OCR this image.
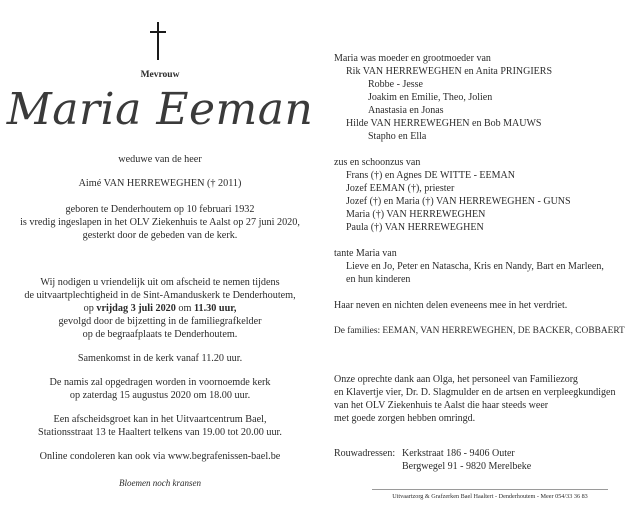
Mevrouw
Maria Eeman
weduwe van de heer
Aimé VAN HERREWEGHEN († 2011)
geboren te Denderhoutem op 10 februari 1932
is vredig ingeslapen in het OLV Ziekenhuis te Aalst op 27 juni 2020,
gesterkt door de gebeden van de kerk.
Wij nodigen u vriendelijk uit om afscheid te nemen tijdens
de uitvaartplechtigheid in de Sint-Amanduskerk te Denderhoutem,
op vrijdag 3 juli 2020 om 11.30 uur,
gevolgd door de bijzetting in de familiegrafkelder
op de begraafplaats te Denderhoutem.
Samenkomst in de kerk vanaf 11.20 uur.
De namis zal opgedragen worden in voornoemde kerk
op zaterdag 15 augustus 2020 om 18.00 uur.
Een afscheidsgroet kan in het Uitvaartcentrum Bael,
Stationsstraat 13 te Haaltert telkens van 19.00 tot 20.00 uur.
Online condoleren kan ook via www.begrafenissen-bael.be
Bloemen noch kransen
Maria was moeder en grootmoeder van
Rik VAN HERREWEGHEN en Anita PRINGIERS
Robbe - Jesse
Joakim en Emilie, Theo, Jolien
Anastasia en Jonas
Hilde VAN HERREWEGHEN en Bob MAUWS
Stapho en Ella
zus en schoonzus van
Frans (†) en Agnes DE WITTE - EEMAN
Jozef EEMAN (†), priester
Jozef (†) en Maria (†) VAN HERREWEGHEN - GUNS
Maria (†) VAN HERREWEGHEN
Paula (†) VAN HERREWEGHEN
tante Maria van
Lieve en Jo, Peter en Natascha, Kris en Nandy, Bart en Marleen,
en hun kinderen
Haar neven en nichten delen eveneens mee in het verdriet.
De families: EEMAN, VAN HERREWEGHEN, DE BACKER, COBBAERT
Onze oprechte dank aan Olga, het personeel van Familiezorg
en Klavertje vier, Dr. D. Slagmulder en de artsen en verpleegkundigen
van het OLV Ziekenhuis te Aalst die haar steeds weer
met goede zorgen hebben omringd.
Rouwadressen: Kerkstraat 186 - 9406 Outer
Bergwegel 91 - 9820 Merelbeke
Uitvaartzorg & Grafzerken Bael Haaltert - Denderhoutem - Meer 054/33 36 83
